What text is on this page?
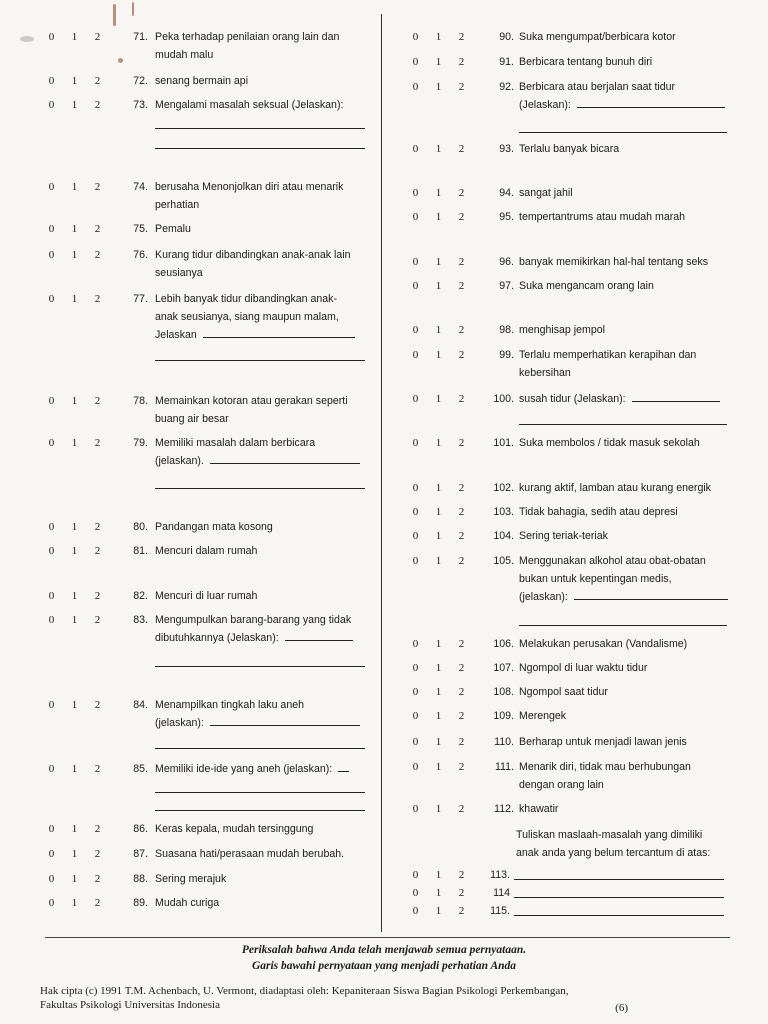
0 1 2	71. Peka terhadap penilaian orang lain dan
mudah malu
0 1 2	72. senang bermain api
0 1 2	73. Mengalami masalah seksual (Jelaskan):
0 1 2	74. berusaha Menonjolkan diri atau menarik
perhatian
0 1 2	75. Pemalu
0 1 2	76. Kurang tidur dibandingkan anak-anak lain
seusianya
0 1 2	77. Lebih banyak tidur dibandingkan anak-
anak seusianya, siang maupun malam,
Jelaskan
0 1 2	78. Memainkan kotoran atau gerakan seperti
buang air besar
0 1 2	79. Memiliki masalah dalam berbicara
(jelaskan).
0 1 2	80. Pandangan mata kosong
0 1 2	81. Mencuri dalam rumah
0 1 2	82. Mencuri di luar rumah
0 1 2	83. Mengumpulkan barang-barang yang tidak
dibutuhkannya (Jelaskan):
0 1 2	84. Menampilkan tingkah laku aneh
(jelaskan):
0 1 2	85. Memiliki ide-ide yang aneh (jelaskan):
0 1 2	86. Keras kepala, mudah tersinggung
0 1 2	87. Suasana hati/perasaan mudah berubah.
0 1 2	88. Sering merajuk
0 1 2	89. Mudah curiga
0 1 2	90. Suka mengumpat/berbicara kotor
0 1 2	91. Berbicara tentang bunuh diri
0 1 2	92. Berbicara atau berjalan saat tidur
(Jelaskan):
0 1 2	93. Terlalu banyak bicara
0 1 2	94. sangat jahil
0 1 2	95. tempertantrums atau mudah marah
0 1 2	96. banyak memikirkan hal-hal tentang seks
0 1 2	97. Suka mengancam orang lain
0 1 2	98. menghisap jempol
0 1 2	99. Terlalu memperhatikan kerapihan dan
kebersihan
0 1 2	100. susah tidur (Jelaskan):
0 1 2	101. Suka membolos / tidak masuk sekolah
0 1 2	102. kurang aktif, lamban atau kurang energik
0 1 2	103. Tidak bahagia, sedih atau depresi
0 1 2	104. Sering teriak-teriak
0 1 2	105. Menggunakan alkohol atau obat-obatan
bukan untuk kepentingan medis,
(jelaskan):
0 1 2	106. Melakukan perusakan (Vandalisme)
0 1 2	107. Ngompol di luar waktu tidur
0 1 2	108. Ngompol saat tidur
0 1 2	109. Merengek
0 1 2	110. Berharap untuk menjadi lawan jenis
0 1 2	111. Menarik diri, tidak mau berhubungan
dengan orang lain
0 1 2	112. khawatir
Tuliskan maslaah-masalah yang dimiliki
anak anda yang belum tercantum di atas:
0 1 2	113.
0 1 2	114
0 1 2	115.
Periksalah bahwa Anda telah menjawab semua pernyataan.
Garis bawahi pernyataan yang menjadi perhatian Anda
Hak cipta (c) 1991 T.M. Achenbach, U. Vermont, diadaptasi oleh: Kepaniteraan Siswa Bagian Psikologi Perkembangan,
Fakultas Psikologi Universitas Indonesia	(6)
